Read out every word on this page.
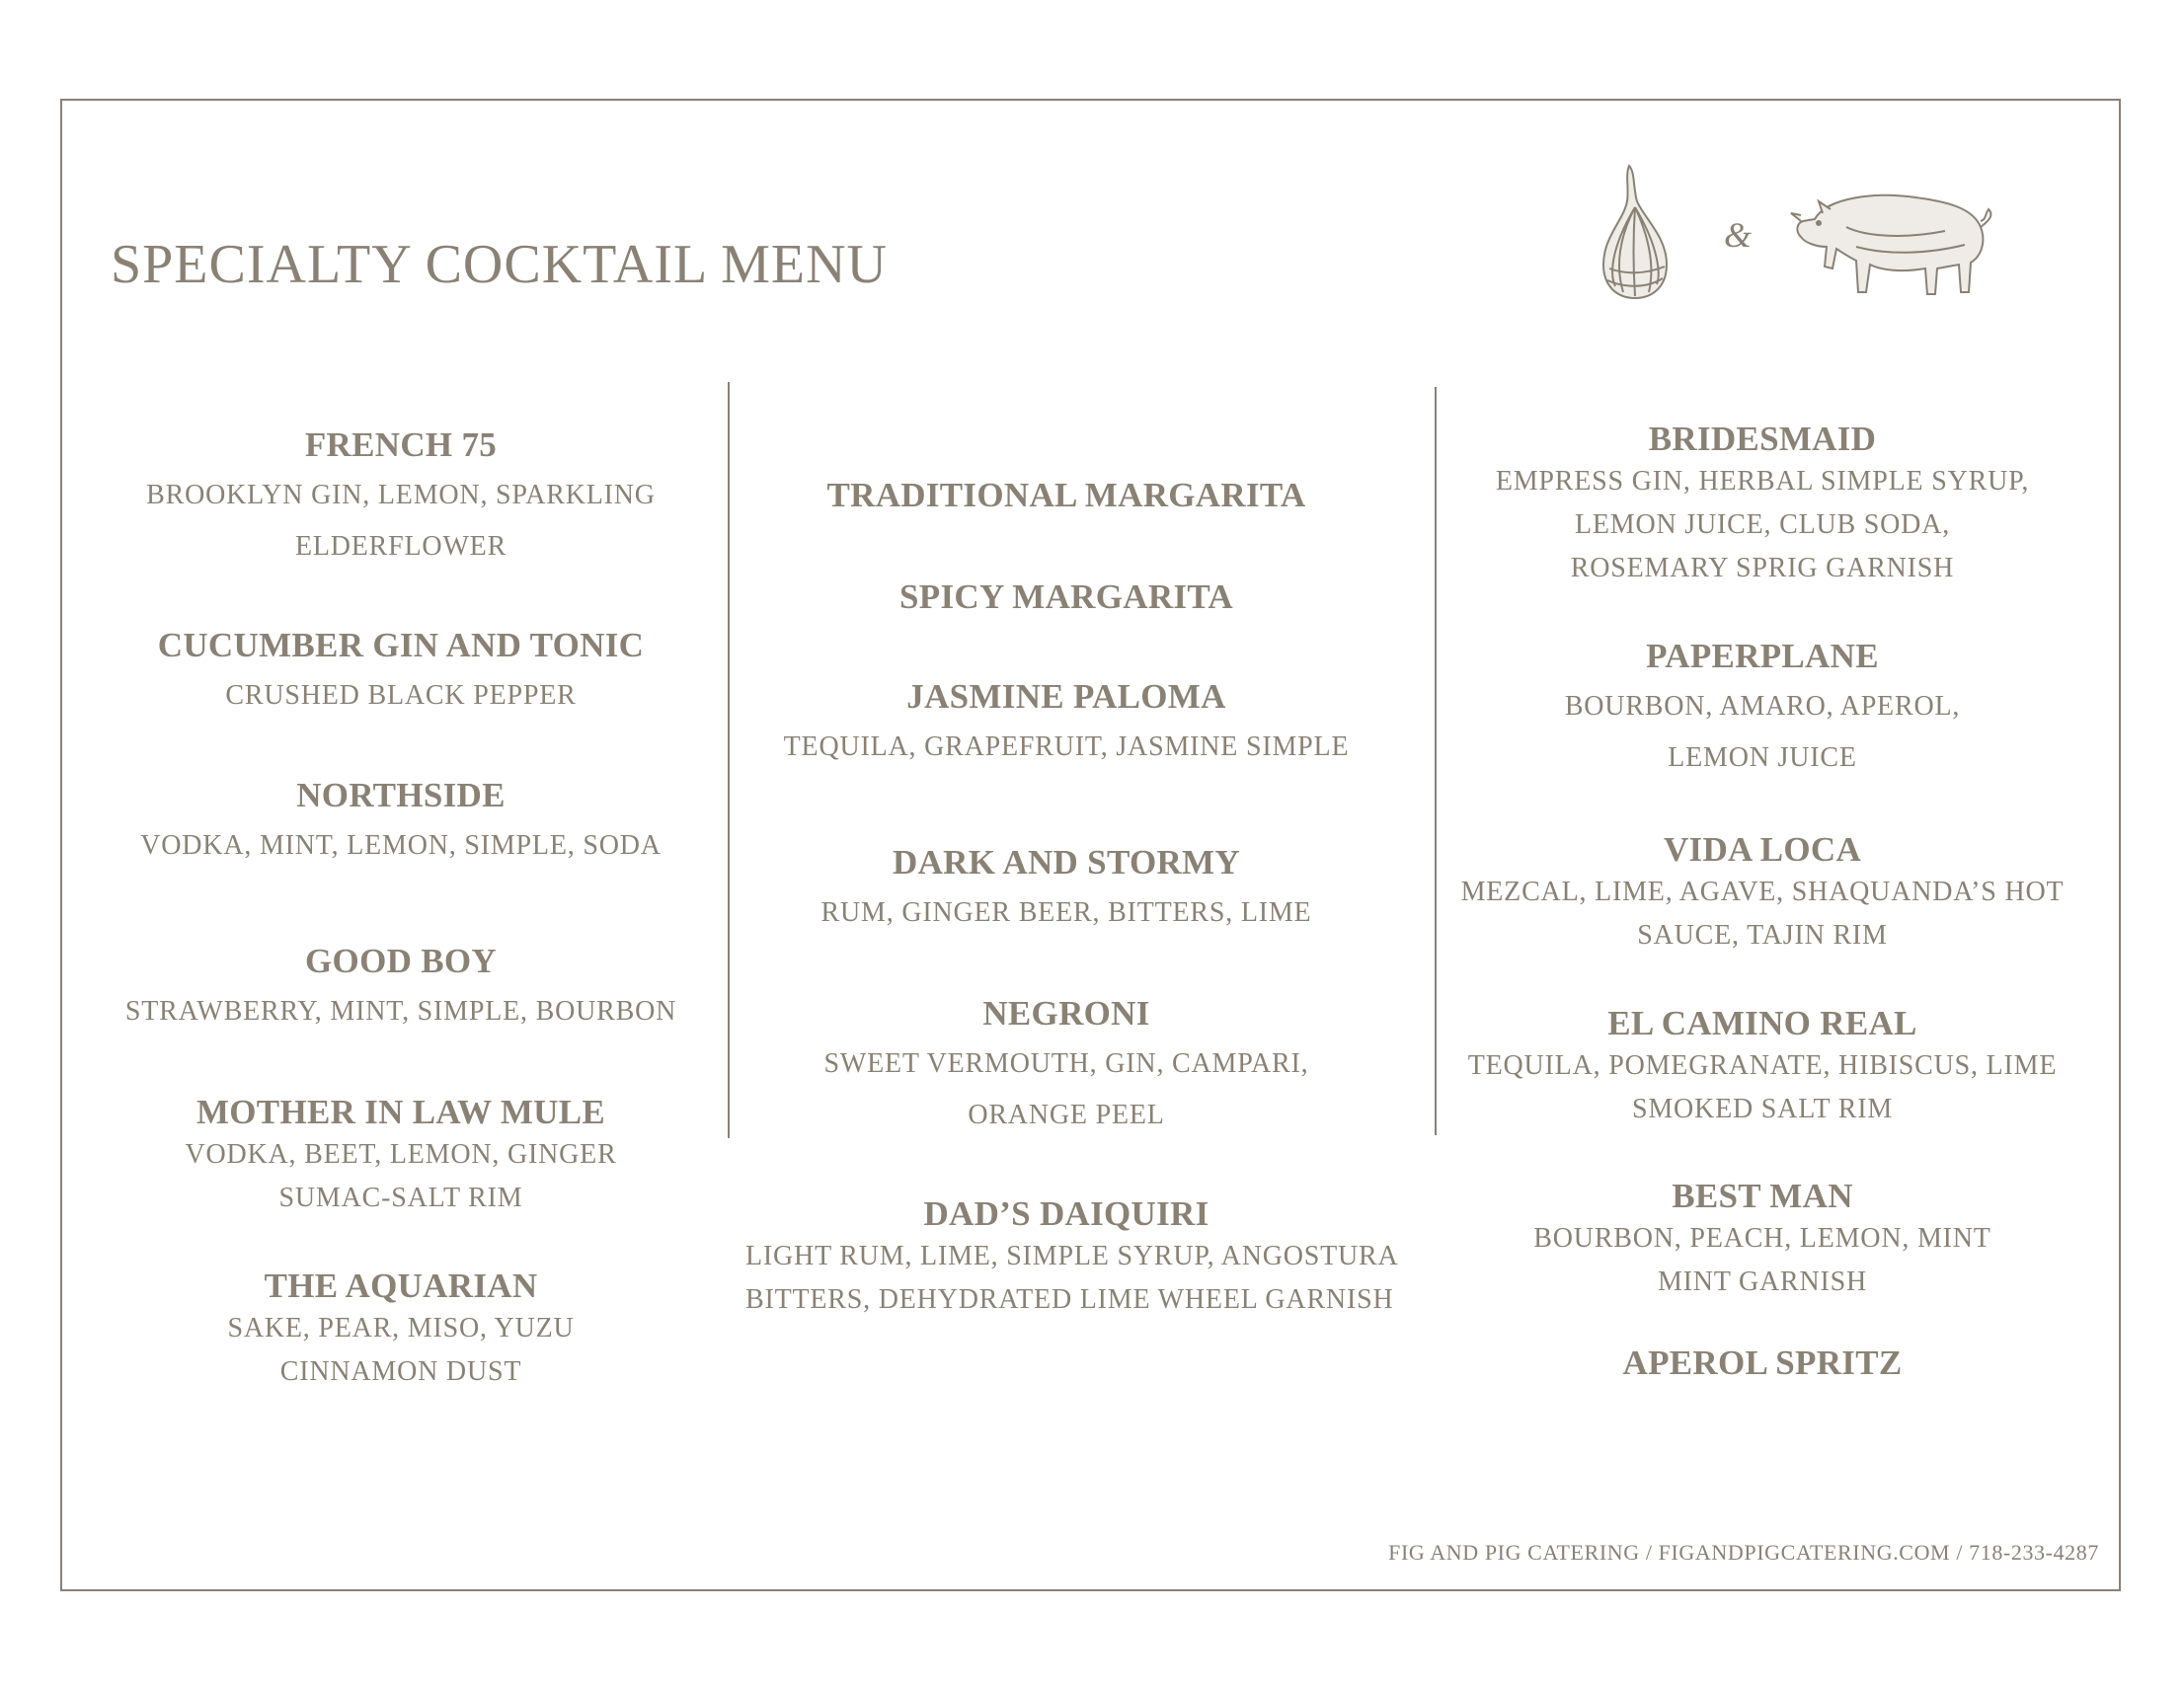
SPECIALTY COCKTAIL MENU	&
FRENCH 75
BROOKLYN GIN, LEMON, SPARKLING
ELDERFLOWER
CUCUMBER GIN AND TONIC
CRUSHED BLACK PEPPER
NORTHSIDE
VODKA, MINT, LEMON, SIMPLE, SODA
GOOD BOY
STRAWBERRY, MINT, SIMPLE, BOURBON
MOTHER IN LAW MULE
VODKA, BEET, LEMON, GINGER
SUMAC-SALT RIM
THE AQUARIAN
SAKE, PEAR, MISO, YUZU
CINNAMON DUST
TRADITIONAL MARGARITA
SPICY MARGARITA
JASMINE PALOMA
TEQUILA, GRAPEFRUIT, JASMINE SIMPLE
DARK AND STORMY
RUM, GINGER BEER, BITTERS, LIME
NEGRONI
SWEET VERMOUTH, GIN, CAMPARI,
ORANGE PEEL
DAD’S DAIQUIRI
LIGHT RUM, LIME, SIMPLE SYRUP, ANGOSTURA
BITTERS, DEHYDRATED LIME WHEEL GARNISH
BRIDESMAID
EMPRESS GIN, HERBAL SIMPLE SYRUP,
LEMON JUICE, CLUB SODA,
ROSEMARY SPRIG GARNISH
PAPERPLANE
BOURBON, AMARO, APEROL,
LEMON JUICE
VIDA LOCA
MEZCAL, LIME, AGAVE, SHAQUANDA’S HOT
SAUCE, TAJIN RIM
EL CAMINO REAL
TEQUILA, POMEGRANATE, HIBISCUS, LIME
SMOKED SALT RIM
BEST MAN
BOURBON, PEACH, LEMON, MINT
MINT GARNISH
APEROL SPRITZ
FIG AND PIG CATERING / FIGANDPIGCATERING.COM / 718-233-4287
